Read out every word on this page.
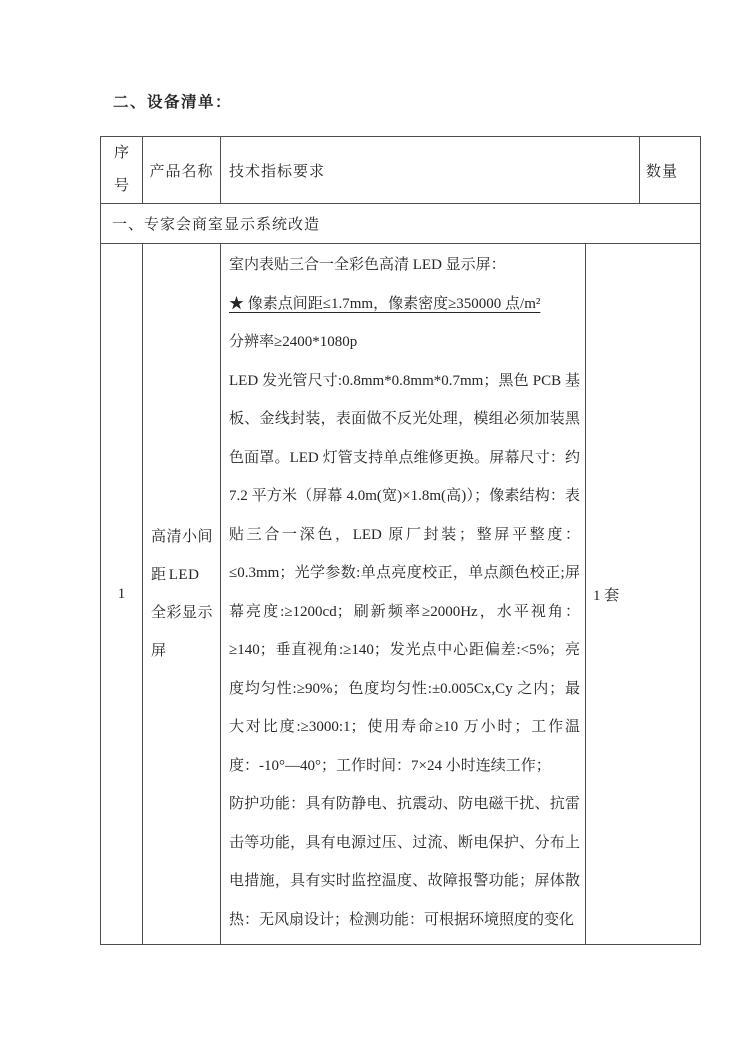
二、设备清单：
序号
产品名称 技术指标要求	数量
一、专家会商室显示系统改造
1
高清小间距 LED 全彩显示屏

室内表贴三合一全彩色高清 LED 显示屏：

★ 像素点间距≤1.7mm，像素密度≥350000 点/m²

分辨率≥2400*1080p

LED 发光管尺寸:0.8mm*0.8mm*0.7mm；黑色 PCB 基板、金线封装，表面做不反光处理，模组必须加装黑色面罩。LED 灯管支持单点维修更换。屏幕尺寸：约 7.2 平方米（屏幕 4.0m(宽)×1.8m(高)）；像素结构：表贴三合一深色，LED 原厂封装；整屏平整度：≤0.3mm；光学参数:单点亮度校正，单点颜色校正;屏幕亮度:≥1200cd；刷新频率≥2000Hz，水平视角：≥140；垂直视角:≥140；发光点中心距偏差:<5%；亮度均匀性:≥90%；色度均匀性:±0.005Cx,Cy 之内；最大对比度:≥3000:1；使用寿命≥10 万小时；工作温度：-10°—40°；工作时间：7×24 小时连续工作；

防护功能：具有防静电、抗震动、防电磁干扰、抗雷击等功能，具有电源过压、过流、断电保护、分布上电措施，具有实时监控温度、故障报警功能；屏体散热：无风扇设计；检测功能：可根据环境照度的变化

1 套
